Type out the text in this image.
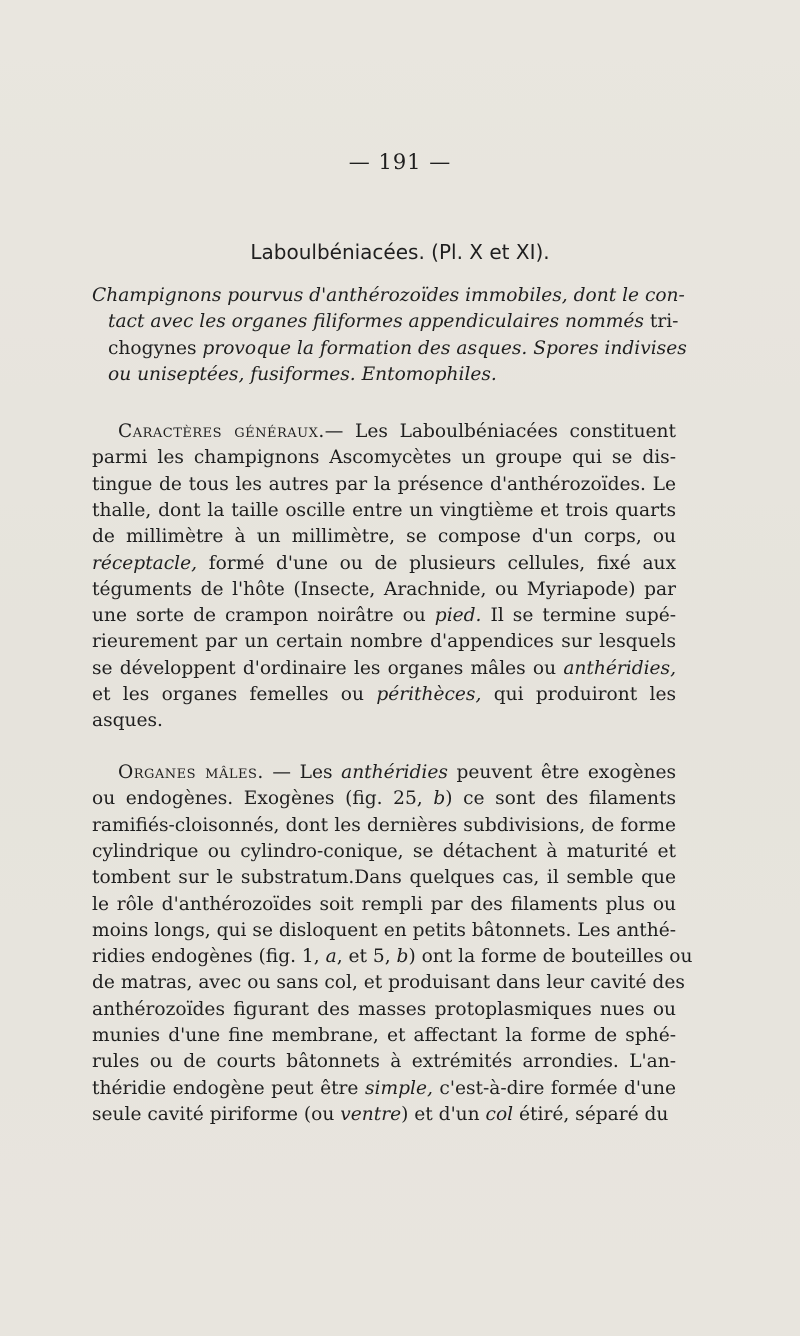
— 191 —
Laboulbéniacées. (Pl. X et XI).
Champignons pourvus d'anthérozoïdes immobiles, dont le con-
tact avec les organes filiformes appendiculaires nommés tri-
chogynes provoque la formation des asques. Spores indivises
ou uniseptées, fusiformes. Entomophiles.
Caractères généraux.— Les Laboulbéniacées constituent
parmi les champignons Ascomycètes un groupe qui se dis-
tingue de tous les autres par la présence d'anthérozoïdes. Le
thalle, dont la taille oscille entre un vingtième et trois quarts
de millimètre à un millimètre, se compose d'un corps, ou
réceptacle, formé d'une ou de plusieurs cellules, fixé aux
téguments de l'hôte (Insecte, Arachnide, ou Myriapode) par
une sorte de crampon noirâtre ou pied. Il se termine supé-
rieurement par un certain nombre d'appendices sur lesquels
se développent d'ordinaire les organes mâles ou anthéridies,
et les organes femelles ou périthèces, qui produiront les
asques.
Organes mâles. — Les anthéridies peuvent être exogènes
ou endogènes. Exogènes (fig. 25, b) ce sont des filaments
ramifiés-cloisonnés, dont les dernières subdivisions, de forme
cylindrique ou cylindro-conique, se détachent à maturité et
tombent sur le substratum.Dans quelques cas, il semble que
le rôle d'anthérozoïdes soit rempli par des filaments plus ou
moins longs, qui se disloquent en petits bâtonnets. Les anthé-
ridies endogènes (fig. 1, a, et 5, b) ont la forme de bouteilles ou
de matras, avec ou sans col, et produisant dans leur cavité des
anthérozoïdes figurant des masses protoplasmiques nues ou
munies d'une fine membrane, et affectant la forme de sphé-
rules ou de courts bâtonnets à extrémités arrondies. L'an-
théridie endogène peut être simple, c'est-à-dire formée d'une
seule cavité piriforme (ou ventre) et d'un col étiré, séparé du
